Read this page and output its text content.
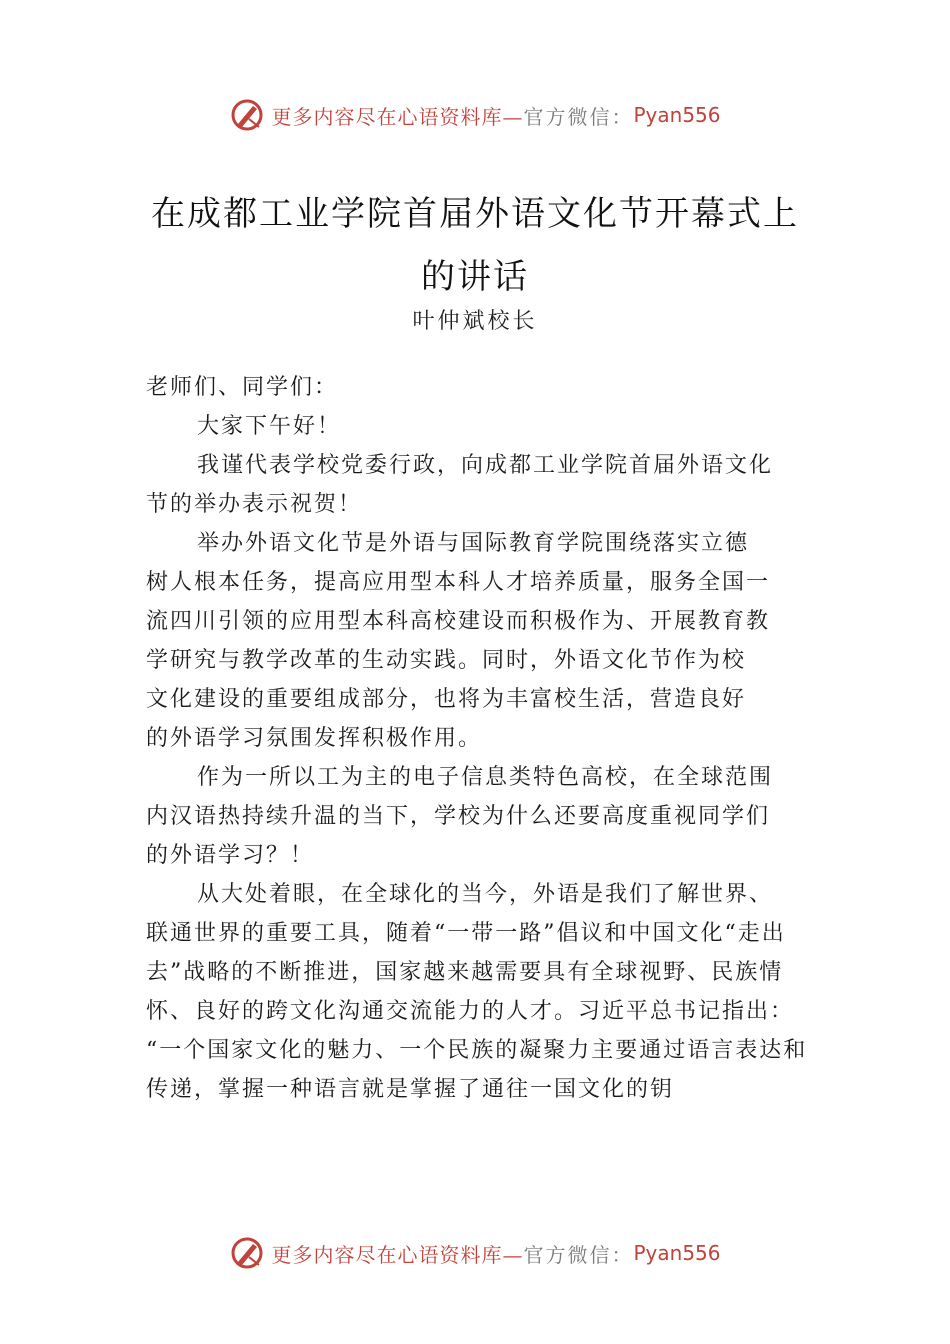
更多内容尽在心语资料库— 官方微信： Pyan556
在成都工业学院首届外语文化节开幕式上
的讲话
叶仲斌校长
老师们、同学们：
大家下午好！
我谨代表学校党委行政，向成都工业学院首届外语文化
节的举办表示祝贺！
举办外语文化节是外语与国际教育学院围绕落实立德
树人根本任务，提高应用型本科人才培养质量，服务全国一
流四川引领的应用型本科高校建设而积极作为、开展教育教
学研究与教学改革的生动实践。同时，外语文化节作为校
文化建设的重要组成部分，也将为丰富校生活，营造良好
的外语学习氛围发挥积极作用。
作为一所以工为主的电子信息类特色高校，在全球范围
内汉语热持续升温的当下，学校为什么还要高度重视同学们
的外语学习？！
从大处着眼，在全球化的当今，外语是我们了解世界、
联通世界的重要工具，随着“一带一路”倡议和中国文化“走出
去”战略的不断推进，国家越来越需要具有全球视野、民族情
怀、良好的跨文化沟通交流能力的人才。习近平总书记指出：
“一个国家文化的魅力、一个民族的凝聚力主要通过语言表达和
传递，掌握一种语言就是掌握了通往一国文化的钥
更多内容尽在心语资料库— 官方微信： Pyan556
